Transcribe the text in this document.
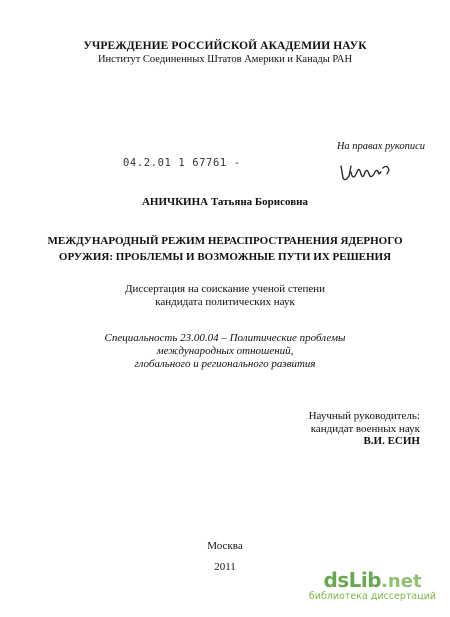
УЧРЕЖДЕНИЕ РОССИЙСКОЙ АКАДЕМИИ НАУК
Институт Соединенных Штатов Америки и Канады РАН
На правах рукописи
04.2.01 1 67761 -
АНИЧКИНА Татьяна Борисовна
МЕЖДУНАРОДНЫЙ РЕЖИМ НЕРАСПРОСТРАНЕНИЯ ЯДЕРНОГО
ОРУЖИЯ: ПРОБЛЕМЫ И ВОЗМОЖНЫЕ ПУТИ ИХ РЕШЕНИЯ
Диссертация на соискание ученой степени
кандидата политических наук
Специальность 23.00.04 – Политические проблемы
международных отношений,
глобального и регионального развития
Научный руководитель:
кандидат военных наук
В.И. ЕСИН
Москва
2011
dsLib .net
библиотека диссертаций
